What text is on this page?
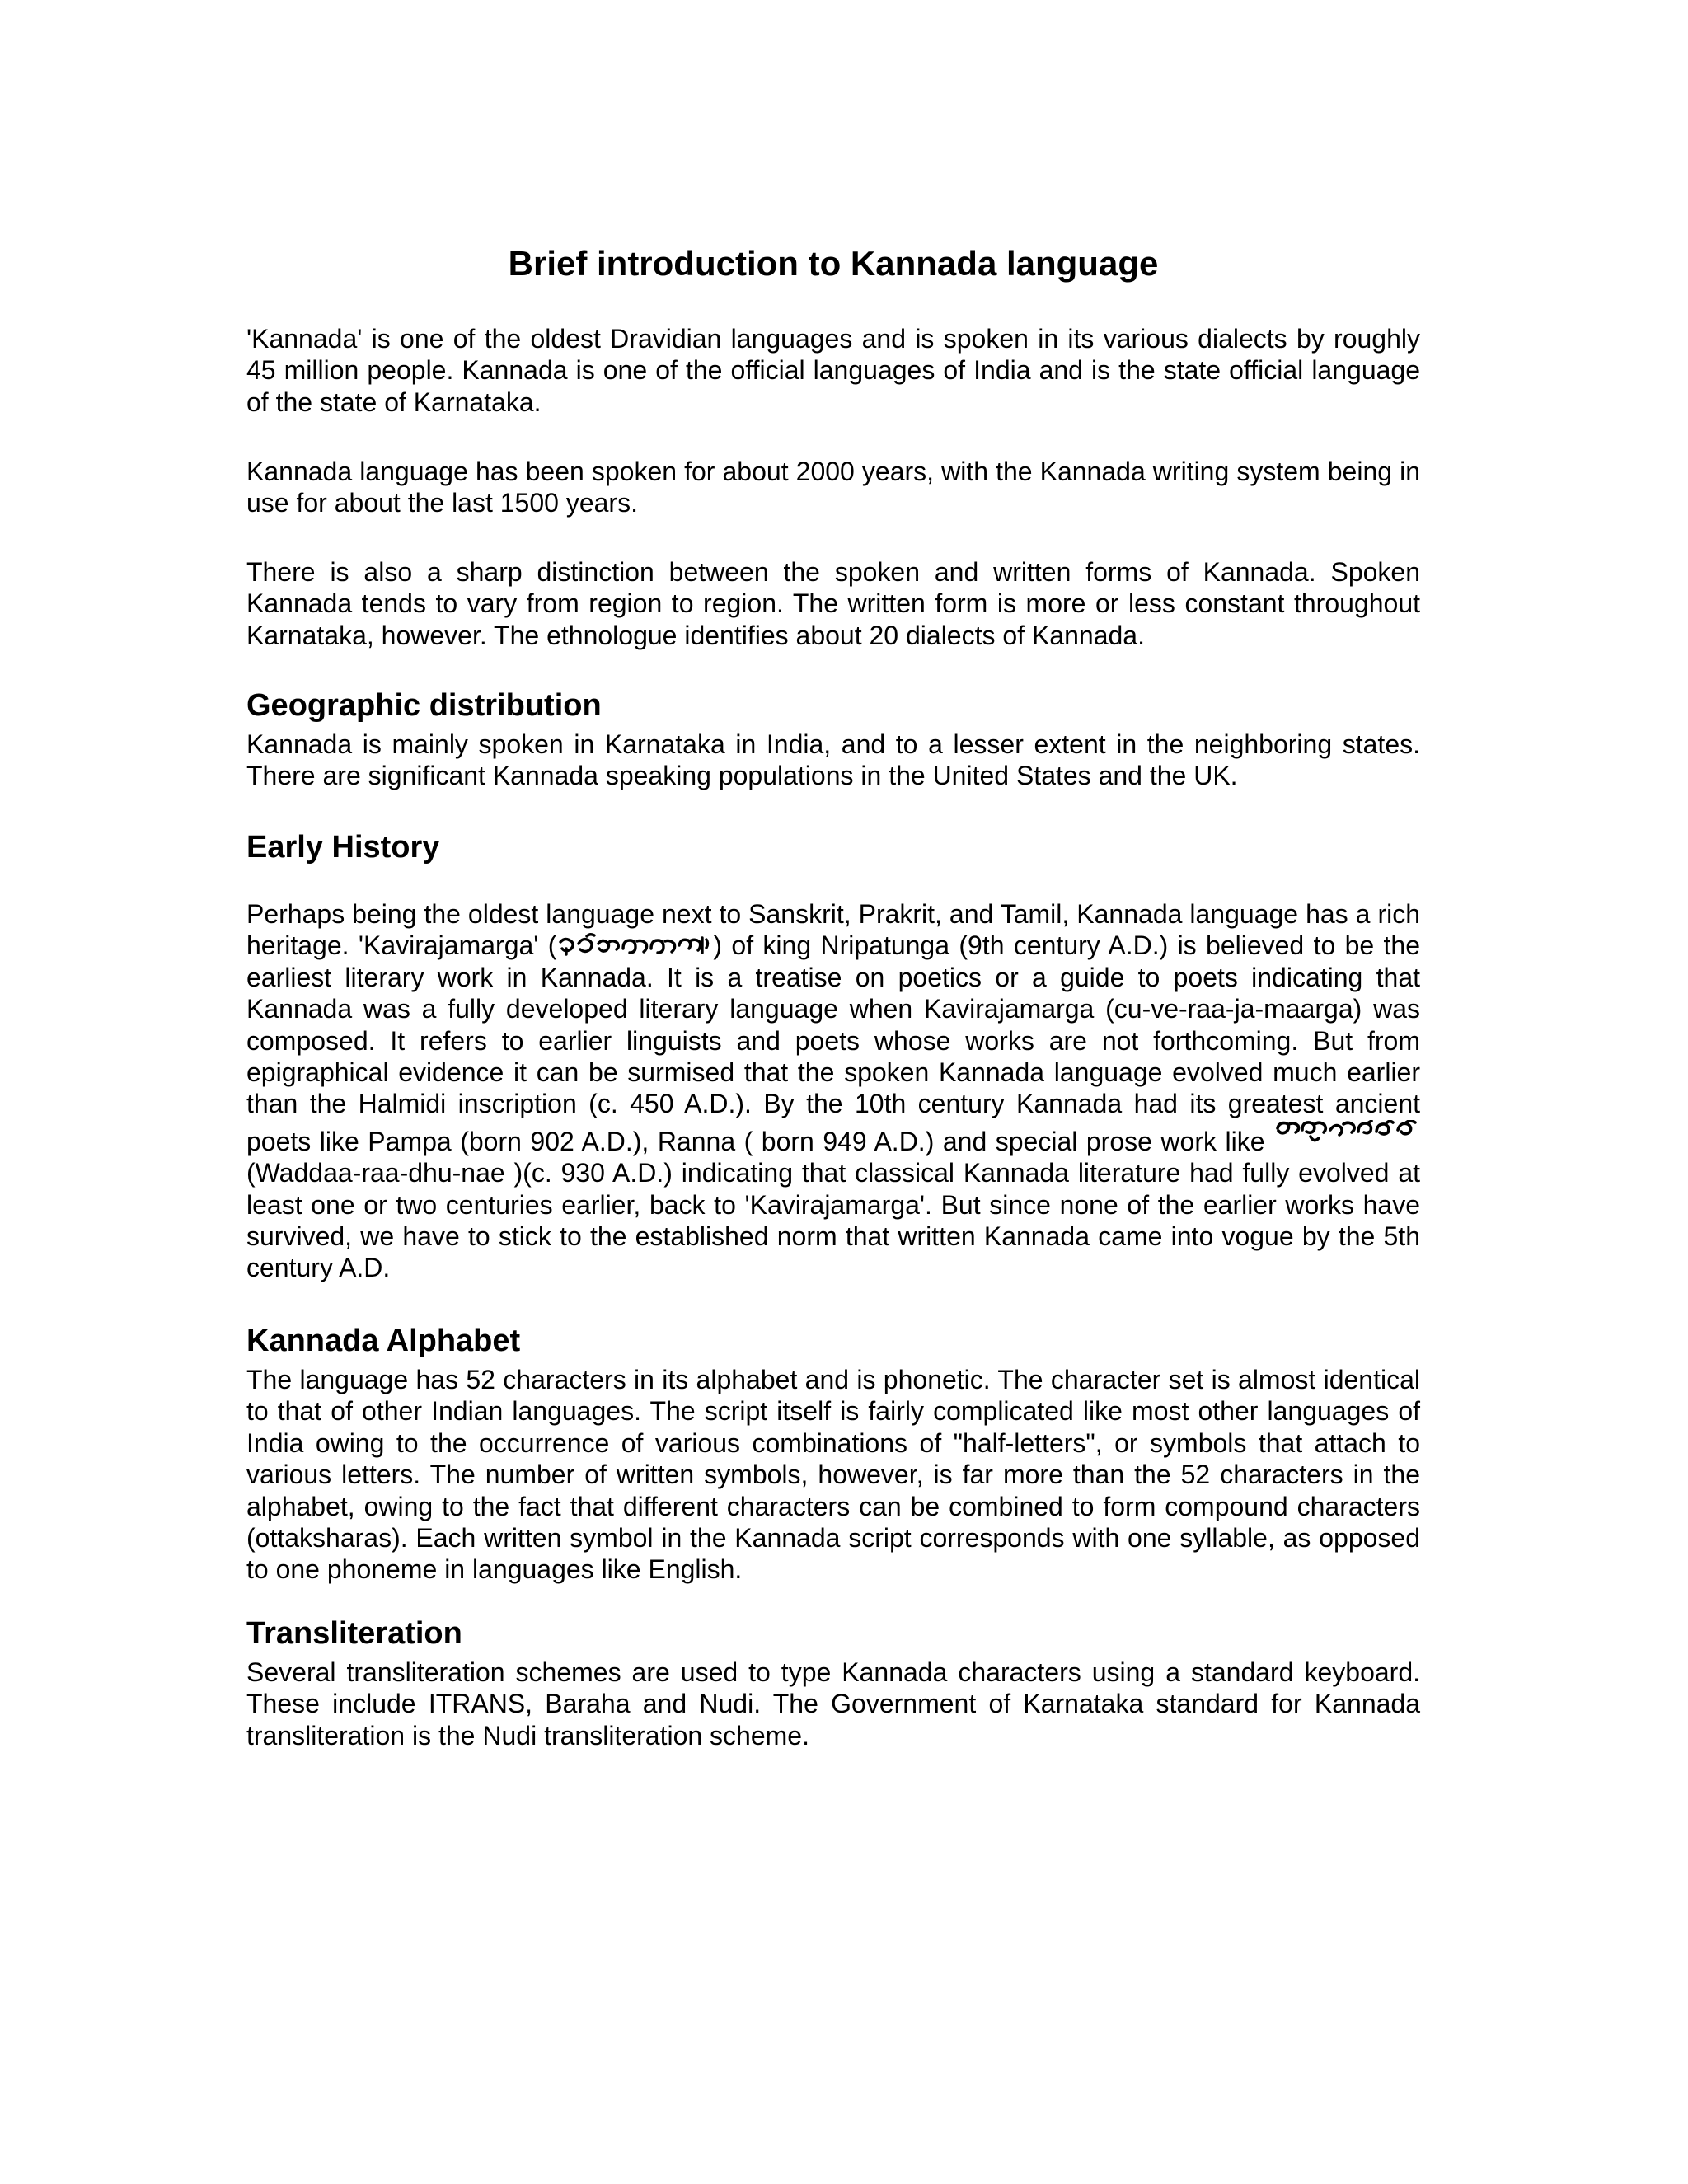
Brief introduction to Kannada language

'Kannada' is one of the oldest Dravidian languages and is spoken in its various dialects by roughly 45 million people. Kannada is one of the official languages of India and is the state official language of the state of Karnataka.

Kannada language has been spoken for about 2000 years, with the Kannada writing system being in use for about the last 1500 years.

There is also a sharp distinction between the spoken and written forms of Kannada. Spoken Kannada tends to vary from region to region. The written form is more or less constant throughout Karnataka, however. The ethnologue identifies about 20 dialects of Kannada.

Geographic distribution

Kannada is mainly spoken in Karnataka in India, and to a lesser extent in the neighboring states. There are significant Kannada speaking populations in the United States and the UK.

Early History

Perhaps being the oldest language next to Sanskrit, Prakrit, and Tamil, Kannada language has a rich heritage. 'Kavirajamarga' (	) of king Nripatunga (9th century A.D.) is believed to be the earliest literary work in Kannada. It is a treatise on poetics or a guide to poets indicating that Kannada was a fully developed literary language when Kavirajamarga (cu-ve-raa-ja-maarga) was composed. It refers to earlier linguists and poets whose works are not forthcoming. But from epigraphical evidence it can be surmised that the spoken Kannada language evolved much earlier than the Halmidi inscription (c. 450 A.D.). By the 10th century Kannada had its greatest ancient poets like Pampa (born 902 A.D.), Ranna ( born 949 A.D.) and special prose work like
(Waddaa-raa-dhu-nae )(c. 930 A.D.) indicating that classical Kannada literature had fully evolved at least one or two centuries earlier, back to 'Kavirajamarga'. But since none of the earlier works have survived, we have to stick to the established norm that written Kannada came into vogue by the 5th century A.D.

Kannada Alphabet

The language has 52 characters in its alphabet and is phonetic. The character set is almost identical to that of other Indian languages. The script itself is fairly complicated like most other languages of India owing to the occurrence of various combinations of "half-letters", or symbols that attach to various letters. The number of written symbols, however, is far more than the 52 characters in the alphabet, owing to the fact that different characters can be combined to form compound characters (ottaksharas). Each written symbol in the Kannada script corresponds with one syllable, as opposed to one phoneme in languages like English.

Transliteration

Several transliteration schemes are used to type Kannada characters using a standard keyboard. These include ITRANS, Baraha and Nudi. The Government of Karnataka standard for Kannada transliteration is the Nudi transliteration scheme.
